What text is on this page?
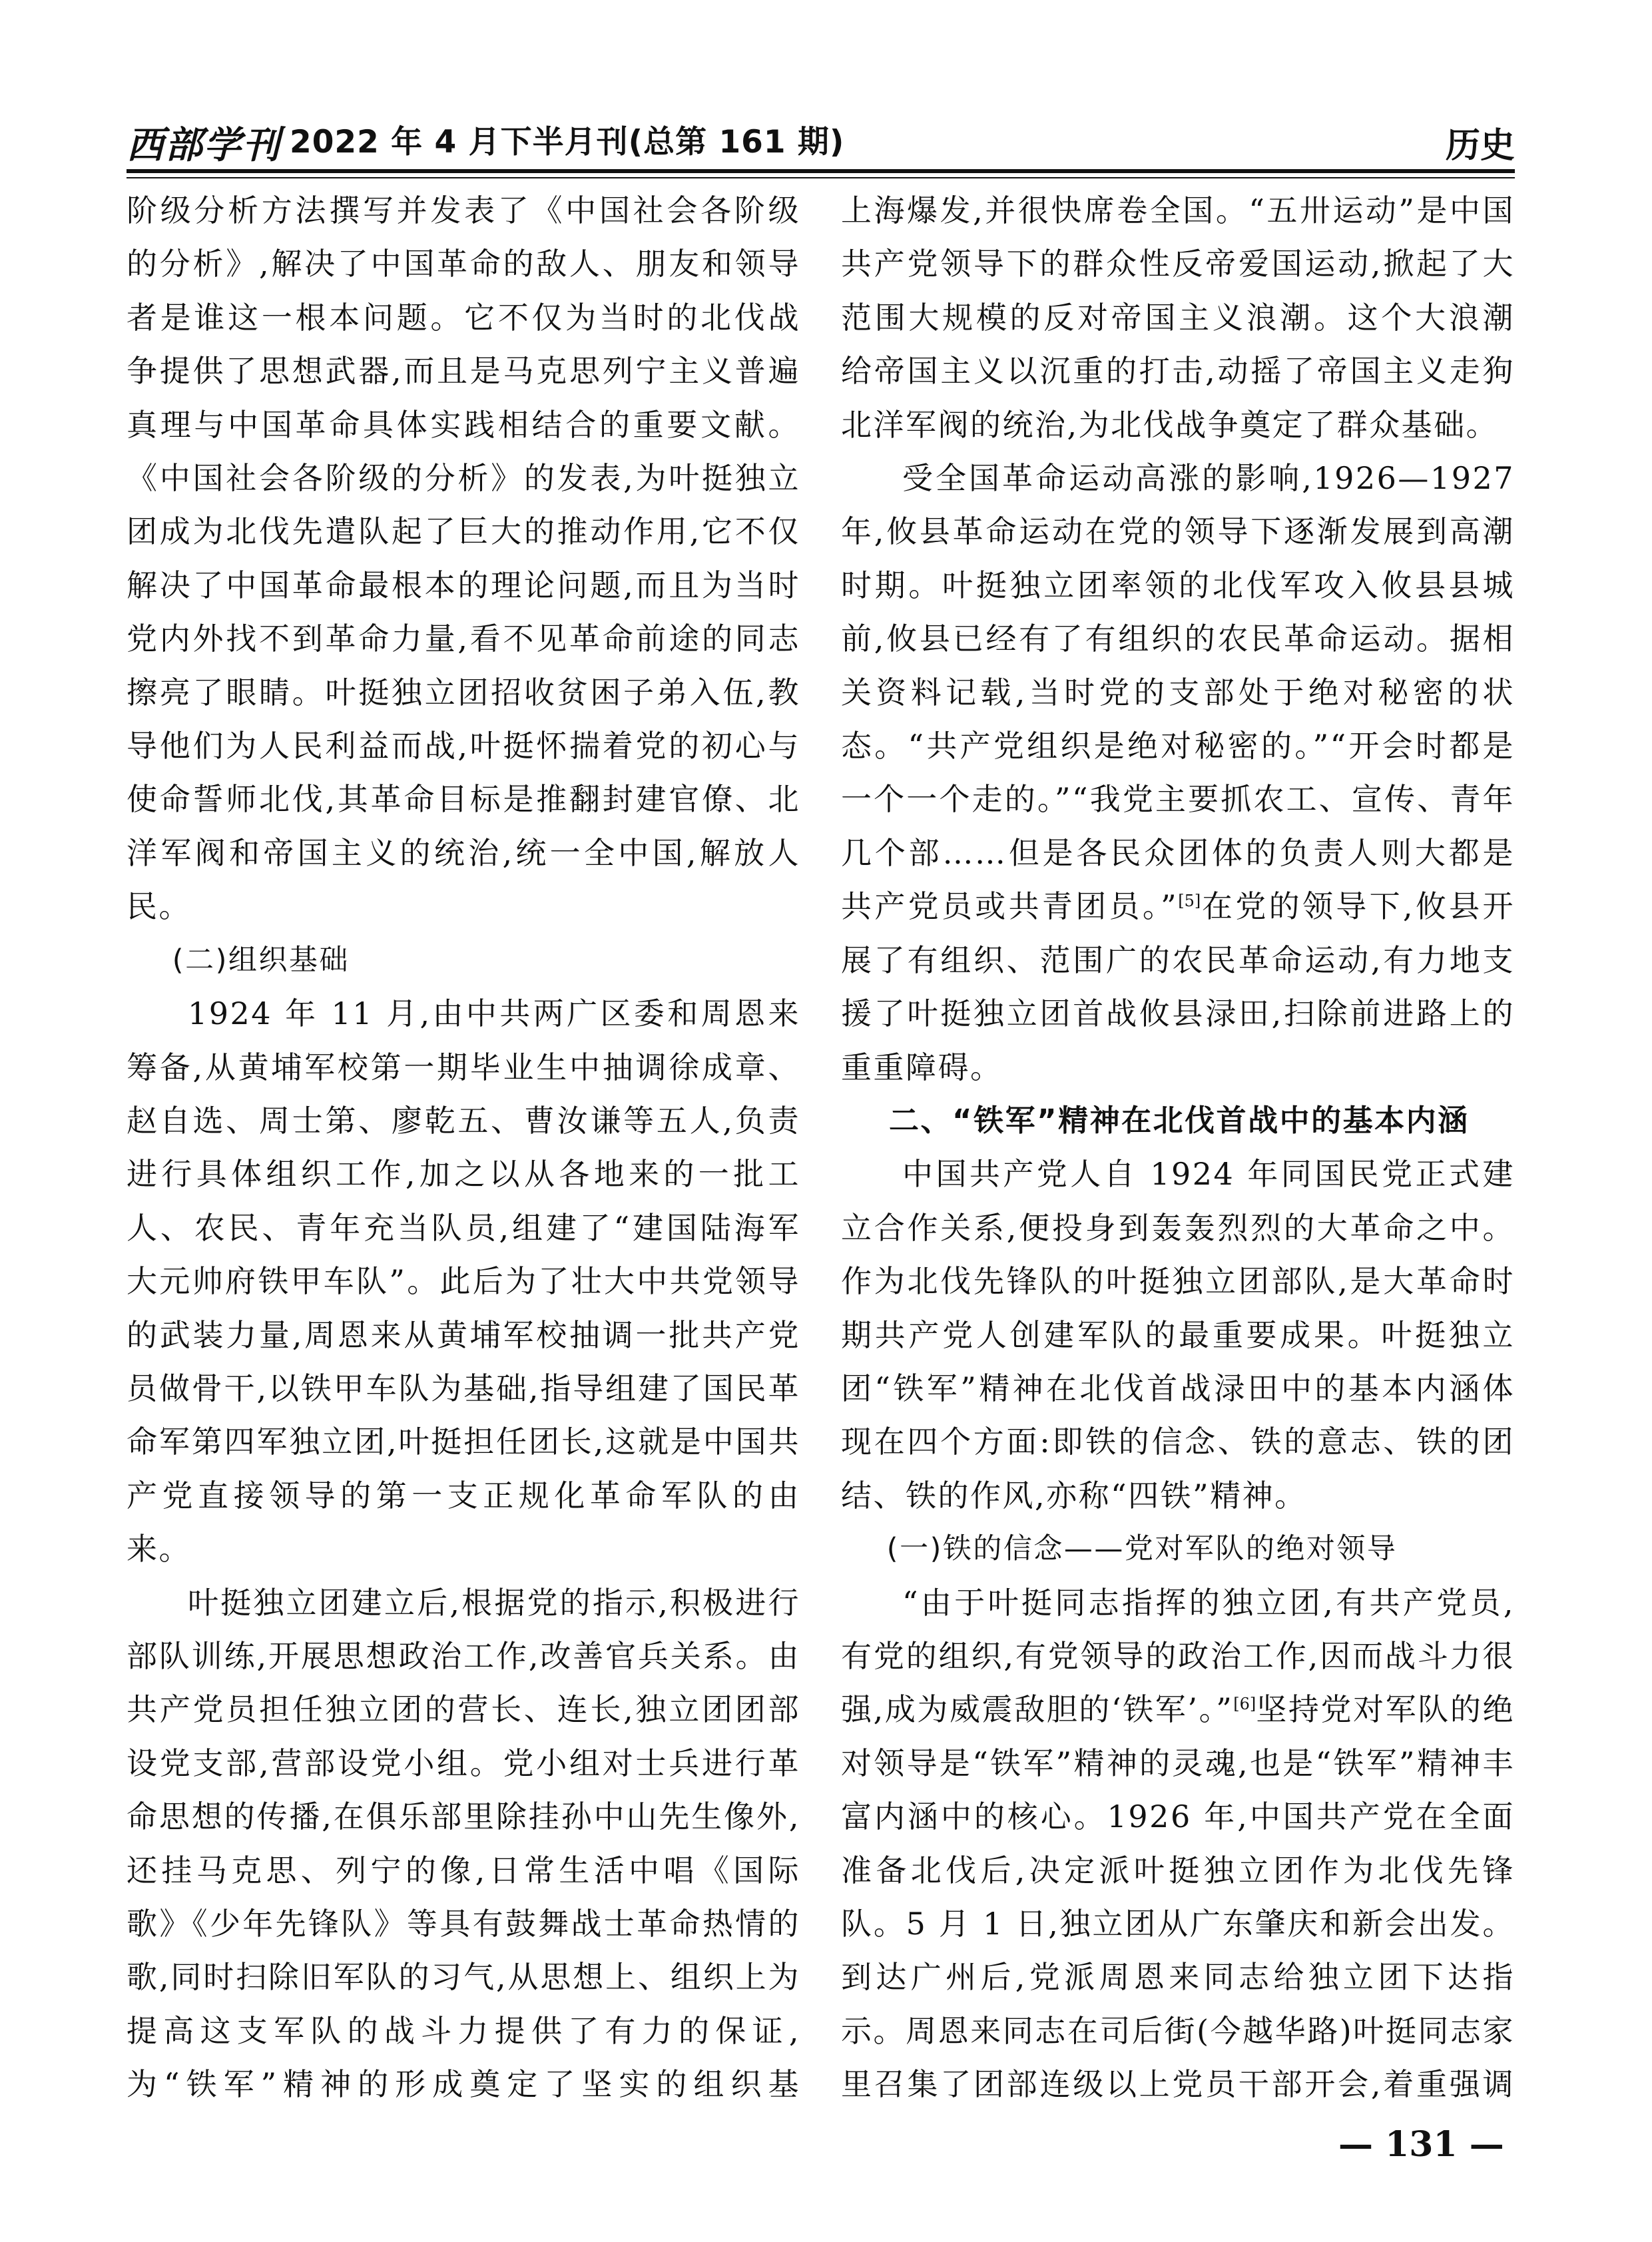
西部学刊 2022 年 4 月下半月刊(总第 161 期)	历史

阶级分析方法撰写并发表了《中国社会各阶级的分析》,解决了中国革命的敌人、朋友和领导者是谁这一根本问题。它不仅为当时的北伐战争提供了思想武器,而且是马克思列宁主义普遍真理与中国革命具体实践相结合的重要文献。《中国社会各阶级的分析》的发表,为叶挺独立团成为北伐先遣队起了巨大的推动作用,它不仅解决了中国革命最根本的理论问题,而且为当时党内外找不到革命力量,看不见革命前途的同志擦亮了眼睛。叶挺独立团招收贫困子弟入伍,教导他们为人民利益而战,叶挺怀揣着党的初心与使命誓师北伐,其革命目标是推翻封建官僚、北洋军阀和帝国主义的统治,统一全中国,解放人民。

(二)组织基础

1924 年 11 月,由中共两广区委和周恩来筹备,从黄埔军校第一期毕业生中抽调徐成章、赵自选、周士第、廖乾五、曹汝谦等五人,负责进行具体组织工作,加之以从各地来的一批工人、农民、青年充当队员,组建了“建国陆海军大元帅府铁甲车队”。此后为了壮大中共党领导的武装力量,周恩来从黄埔军校抽调一批共产党员做骨干,以铁甲车队为基础,指导组建了国民革命军第四军独立团,叶挺担任团长,这就是中国共产党直接领导的第一支正规化革命军队的由来。

叶挺独立团建立后,根据党的指示,积极进行部队训练,开展思想政治工作,改善官兵关系。由共产党员担任独立团的营长、连长,独立团团部设党支部,营部设党小组。党小组对士兵进行革命思想的传播,在俱乐部里除挂孙中山先生像外,还挂马克思、列宁的像,日常生活中唱《国际歌》《少年先锋队》等具有鼓舞战士革命热情的歌,同时扫除旧军队的习气,从思想上、组织上为提高这支军队的战斗力提供了有力的保证,为“铁军”精神的形成奠定了坚实的组织基

上海爆发,并很快席卷全国。“五卅运动”是中国共产党领导下的群众性反帝爱国运动,掀起了大范围大规模的反对帝国主义浪潮。这个大浪潮给帝国主义以沉重的打击,动摇了帝国主义走狗北洋军阀的统治,为北伐战争奠定了群众基础。

受全国革命运动高涨的影响,1926—1927 年,攸县革命运动在党的领导下逐渐发展到高潮时期。叶挺独立团率领的北伐军攻入攸县县城前,攸县已经有了有组织的农民革命运动。据相关资料记载,当时党的支部处于绝对秘密的状态。“共产党组织是绝对秘密的。”“开会时都是一个一个走的。”“我党主要抓农工、宣传、青年几个部……但是各民众团体的负责人则大都是共产党员或共青团员。”[5]在党的领导下,攸县开展了有组织、范围广的农民革命运动,有力地支援了叶挺独立团首战攸县渌田,扫除前进路上的重重障碍。

二、“铁军”精神在北伐首战中的基本内涵

中国共产党人自 1924 年同国民党正式建立合作关系,便投身到轰轰烈烈的大革命之中。作为北伐先锋队的叶挺独立团部队,是大革命时期共产党人创建军队的最重要成果。叶挺独立团“铁军”精神在北伐首战渌田中的基本内涵体现在四个方面:即铁的信念、铁的意志、铁的团结、铁的作风,亦称“四铁”精神。

(一)铁的信念——党对军队的绝对领导

“由于叶挺同志指挥的独立团,有共产党员,有党的组织,有党领导的政治工作,因而战斗力很强,成为威震敌胆的‘铁军’。”[6]坚持党对军队的绝对领导是“铁军”精神的灵魂,也是“铁军”精神丰富内涵中的核心。1926 年,中国共产党在全面准备北伐后,决定派叶挺独立团作为北伐先锋队。5 月 1 日,独立团从广东肇庆和新会出发。到达广州后,党派周恩来同志给独立团下达指示。周恩来同志在司后街(今越华路)叶挺同志家里召集了团部连级以上党员干部开会,着重强调

— 131 —
